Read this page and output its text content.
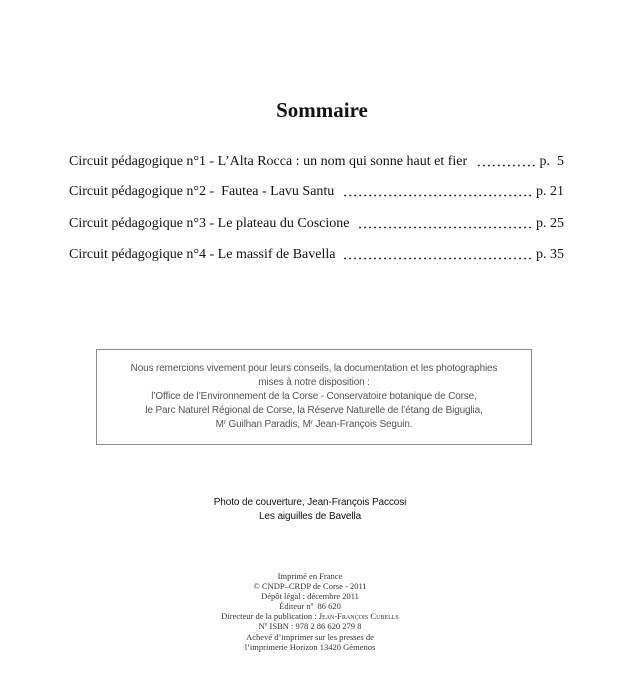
Sommaire
Circuit pédagogique n°1 - L’Alta Rocca : un nom qui sonne haut et fier	p.  5
Circuit pédagogique n°2 -  Fautea - Lavu Santu	p. 21
Circuit pédagogique n°3 - Le plateau du Coscione	p. 25
Circuit pédagogique n°4 - Le massif de Bavella	p. 35
Nous remercions vivement pour leurs conseils, la documentation et les photographies
mises à notre disposition :
l’Office de l’Environnement de la Corse - Conservatoire botanique de Corse,
le Parc Naturel Régional de Corse, la Réserve Naturelle de l’étang de Biguglia,
$M^r$ Guilhan Paradis, $M^r$ Jean-François Seguin.
Photo de couverture, Jean-François Paccosi
Les aiguilles de Bavella
Imprimé en France
© CNDP–CRDP de Corse - 2011
Dépôt légal : décembre 2011
Éditeur nº  86 620
Directeur de la publication : Jean-François Cubells
Nº ISBN : 978 2 86 620 279 8
Achevé d’imprimer sur les presses de
l’imprimerie Horizon 13420 Gémenos
